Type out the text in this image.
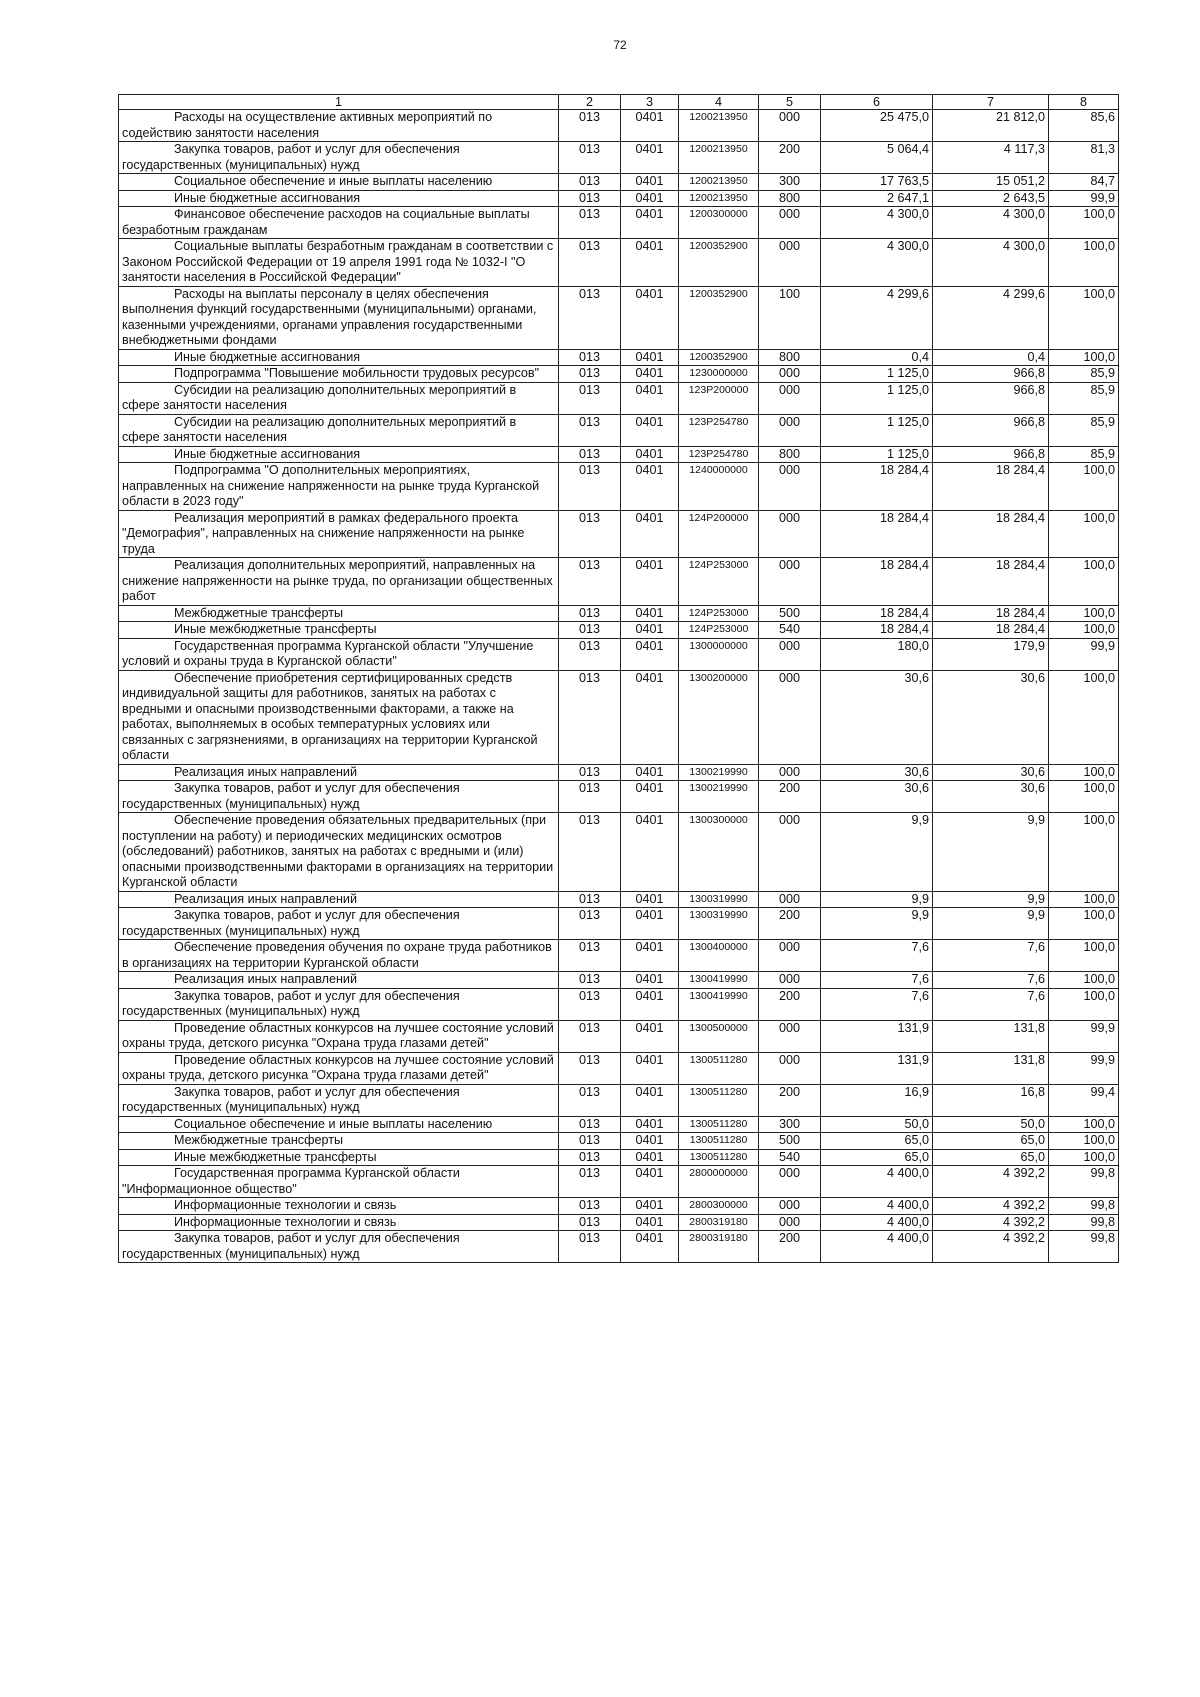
72
1	2	3	4	5	6	7	8
Расходы на осуществление активных мероприятий по содействию занятости населения	013	0401	1200213950	000	25 475,0	21 812,0	85,6
Закупка товаров, работ и услуг для обеспечения государственных (муниципальных) нужд	013	0401	1200213950	200	5 064,4	4 117,3	81,3
Социальное обеспечение и иные выплаты населению	013	0401	1200213950	300	17 763,5	15 051,2	84,7
Иные бюджетные ассигнования	013	0401	1200213950	800	2 647,1	2 643,5	99,9
Финансовое обеспечение расходов на социальные выплаты безработным гражданам	013	0401	1200300000	000	4 300,0	4 300,0	100,0
Социальные выплаты безработным гражданам в соответствии с Законом Российской Федерации от 19 апреля 1991 года № 1032-I "О занятости населения в Российской Федерации"	013	0401	1200352900	000	4 300,0	4 300,0	100,0
Расходы на выплаты персоналу в целях обеспечения выполнения функций государственными (муниципальными) органами, казенными учреждениями, органами управления государственными внебюджетными фондами	013	0401	1200352900	100	4 299,6	4 299,6	100,0
Иные бюджетные ассигнования	013	0401	1200352900	800	0,4	0,4	100,0
Подпрограмма "Повышение мобильности трудовых ресурсов"	013	0401	1230000000	000	1 125,0	966,8	85,9
Субсидии на реализацию дополнительных мероприятий в сфере занятости населения	013	0401	123P200000	000	1 125,0	966,8	85,9
Субсидии на реализацию дополнительных мероприятий в сфере занятости населения	013	0401	123P254780	000	1 125,0	966,8	85,9
Иные бюджетные ассигнования	013	0401	123P254780	800	1 125,0	966,8	85,9
Подпрограмма "О дополнительных мероприятиях, направленных на снижение напряженности на рынке труда Курганской области в 2023 году"	013	0401	1240000000	000	18 284,4	18 284,4	100,0
Реализация мероприятий в рамках федерального проекта "Демография", направленных на снижение напряженности на рынке труда	013	0401	124P200000	000	18 284,4	18 284,4	100,0
Реализация дополнительных мероприятий, направленных на снижение напряженности на рынке труда, по организации общественных работ	013	0401	124P253000	000	18 284,4	18 284,4	100,0
Межбюджетные трансферты	013	0401	124P253000	500	18 284,4	18 284,4	100,0
Иные межбюджетные трансферты	013	0401	124P253000	540	18 284,4	18 284,4	100,0
Государственная программа Курганской области "Улучшение условий и охраны труда в Курганской области"	013	0401	1300000000	000	180,0	179,9	99,9
Обеспечение приобретения сертифицированных средств индивидуальной защиты для работников, занятых на работах с вредными и опасными производственными факторами, а также на работах, выполняемых в особых температурных условиях или связанных с загрязнениями, в организациях на территории Курганской области	013	0401	1300200000	000	30,6	30,6	100,0
Реализация иных направлений	013	0401	1300219990	000	30,6	30,6	100,0
Закупка товаров, работ и услуг для обеспечения государственных (муниципальных) нужд	013	0401	1300219990	200	30,6	30,6	100,0
Обеспечение проведения обязательных предварительных (при поступлении на работу) и периодических медицинских осмотров (обследований) работников, занятых на работах с вредными и (или) опасными производственными факторами в организациях на территории Курганской области	013	0401	1300300000	000	9,9	9,9	100,0
Реализация иных направлений	013	0401	1300319990	000	9,9	9,9	100,0
Закупка товаров, работ и услуг для обеспечения государственных (муниципальных) нужд	013	0401	1300319990	200	9,9	9,9	100,0
Обеспечение проведения обучения по охране труда работников в организациях на территории Курганской области	013	0401	1300400000	000	7,6	7,6	100,0
Реализация иных направлений	013	0401	1300419990	000	7,6	7,6	100,0
Закупка товаров, работ и услуг для обеспечения государственных (муниципальных) нужд	013	0401	1300419990	200	7,6	7,6	100,0
Проведение областных конкурсов на лучшее состояние условий охраны труда, детского рисунка "Охрана труда глазами детей"	013	0401	1300500000	000	131,9	131,8	99,9
Проведение областных конкурсов на лучшее состояние условий охраны труда, детского рисунка "Охрана труда глазами детей"	013	0401	1300511280	000	131,9	131,8	99,9
Закупка товаров, работ и услуг для обеспечения государственных (муниципальных) нужд	013	0401	1300511280	200	16,9	16,8	99,4
Социальное обеспечение и иные выплаты населению	013	0401	1300511280	300	50,0	50,0	100,0
Межбюджетные трансферты	013	0401	1300511280	500	65,0	65,0	100,0
Иные межбюджетные трансферты	013	0401	1300511280	540	65,0	65,0	100,0
Государственная программа Курганской области "Информационное общество"	013	0401	2800000000	000	4 400,0	4 392,2	99,8
Информационные технологии и связь	013	0401	2800300000	000	4 400,0	4 392,2	99,8
Информационные технологии и связь	013	0401	2800319180	000	4 400,0	4 392,2	99,8
Закупка товаров, работ и услуг для обеспечения государственных (муниципальных) нужд	013	0401	2800319180	200	4 400,0	4 392,2	99,8
